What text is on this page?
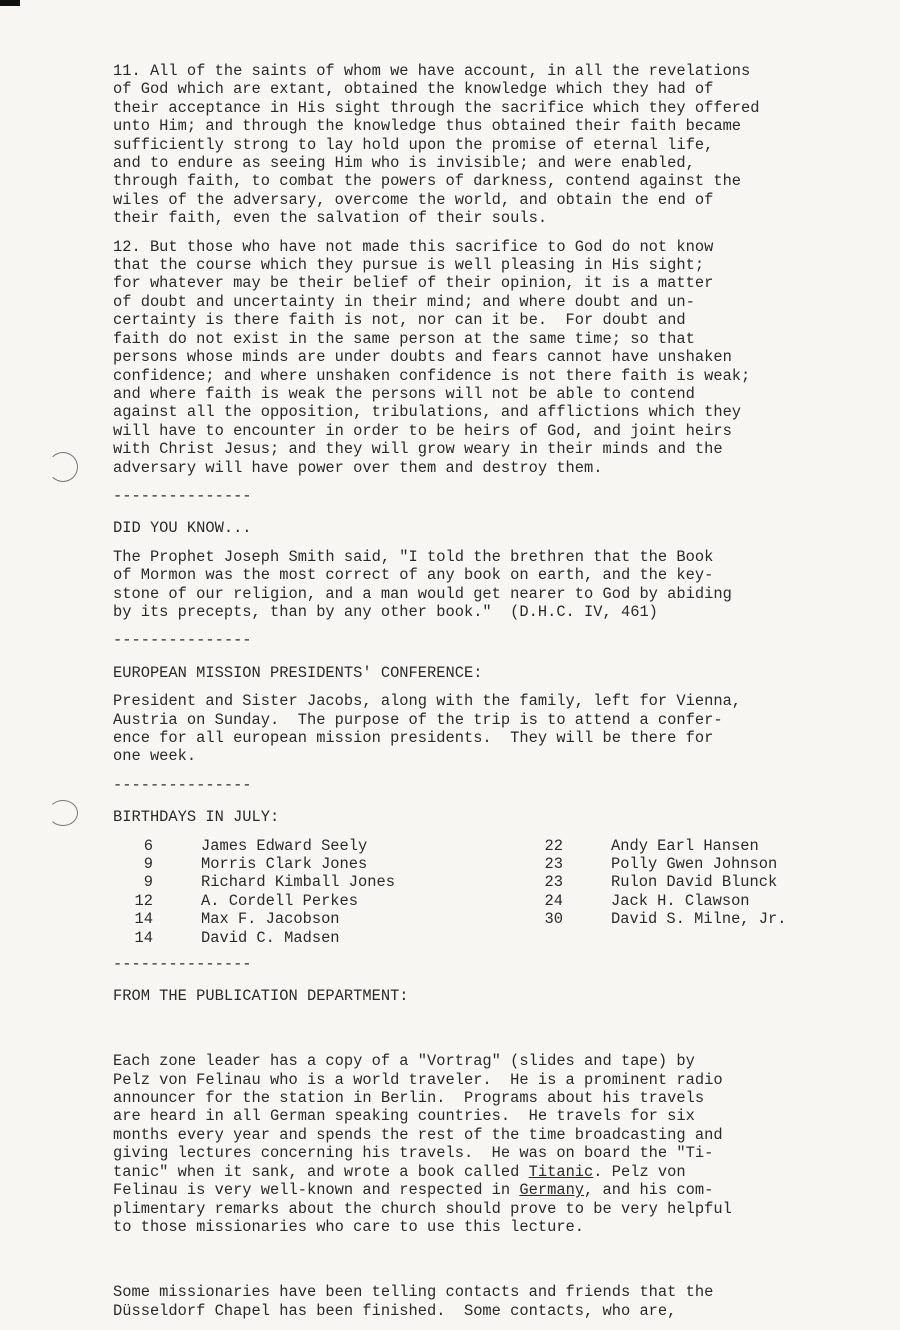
11. All of the saints of whom we have account, in all the revelations
of God which are extant, obtained the knowledge which they had of
their acceptance in His sight through the sacrifice which they offered
unto Him; and through the knowledge thus obtained their faith became
sufficiently strong to lay hold upon the promise of eternal life,
and to endure as seeing Him who is invisible; and were enabled,
through faith, to combat the powers of darkness, contend against the
wiles of the adversary, overcome the world, and obtain the end of
their faith, even the salvation of their souls.
12. But those who have not made this sacrifice to God do not know
that the course which they pursue is well pleasing in His sight;
for whatever may be their belief of their opinion, it is a matter
of doubt and uncertainty in their mind; and where doubt and un-
certainty is there faith is not, nor can it be.  For doubt and
faith do not exist in the same person at the same time; so that
persons whose minds are under doubts and fears cannot have unshaken
confidence; and where unshaken confidence is not there faith is weak;
and where faith is weak the persons will not be able to contend
against all the opposition, tribulations, and afflictions which they
will have to encounter in order to be heirs of God, and joint heirs
with Christ Jesus; and they will grow weary in their minds and the
adversary will have power over them and destroy them.
---------------
DID YOU KNOW...
The Prophet Joseph Smith said, "I told the brethren that the Book
of Mormon was the most correct of any book on earth, and the key-
stone of our religion, and a man would get nearer to God by abiding
by its precepts, than by any other book."  (D.H.C. IV, 461)
---------------
EUROPEAN MISSION PRESIDENTS' CONFERENCE:
President and Sister Jacobs, along with the family, left for Vienna,
Austria on Sunday.  The purpose of the trip is to attend a confer-
ence for all european mission presidents.  They will be there for
one week.
---------------
BIRTHDAYS IN JULY:
6	James Edward Seely
9	Morris Clark Jones
9	Richard Kimball Jones
12	A. Cordell Perkes
14	Max F. Jacobson
14	David C. Madsen
22	Andy Earl Hansen
23	Polly Gwen Johnson
23	Rulon David Blunck
24	Jack H. Clawson
30	David S. Milne, Jr.
---------------
FROM THE PUBLICATION DEPARTMENT:

Each zone leader has a copy of a "Vortrag" (slides and tape) by
Pelz von Felinau who is a world traveler.  He is a prominent radio
announcer for the station in Berlin.  Programs about his travels
are heard in all German speaking countries.  He travels for six
months every year and spends the rest of the time broadcasting and
giving lectures concerning his travels.  He was on board the "Ti-
tanic" when it sank, and wrote a book called Titanic. Pelz von
Felinau is very well-known and respected in Germany, and his com-
plimentary remarks about the church should prove to be very helpful
to those missionaries who care to use this lecture.

Some missionaries have been telling contacts and friends that the
Düsseldorf Chapel has been finished.  Some contacts, who are,
